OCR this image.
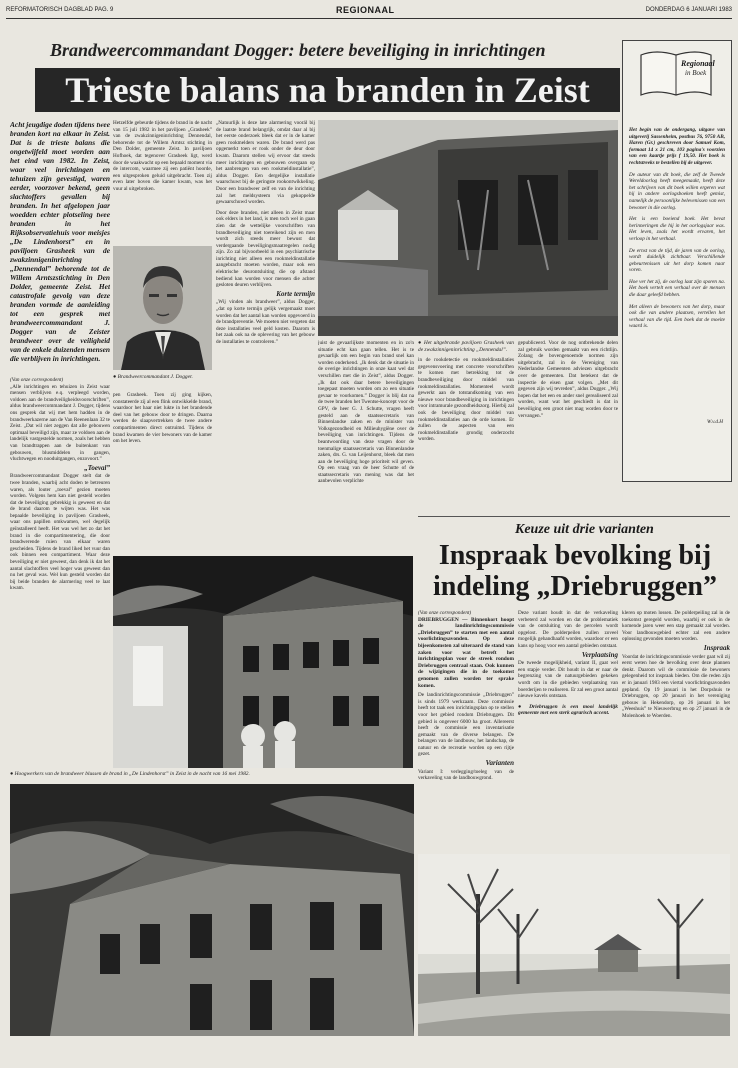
REFORMATORISCH DAGBLAD PAG. 9	REGIONAAL	DONDERDAG 6 JANUARI 1983
Brandweercommandant Dogger: betere beveiliging in inrichtingen
Trieste balans na branden in Zeist
Acht jeugdige doden tijdens twee branden kort na elkaar in Zeist. Dat is de trieste balans die ongetwijfeld moet worden aan het eind van 1982. In Zeist, waar veel inrichtingen en tehuizen zijn gevestigd, waren eerder, voorzover bekend, geen slachtoffers gevallen bij branden. In het afgelopen jaar woedden echter plotseling twee branden in het Rijksobservatiehuis voor meisjes „De Lindenhorst” en in paviljoen Grasheek van de zwakzinnigeninrichting „Dennendal” behorende tot de Willem Arntszstichting in Den Dolder, gemeente Zeist. Het catastrofale gevolg van deze branden vormde de aanleiding tot een gesprek met brandweercommandant J. Dogger van de Zeister brandweer over de veiligheid van de enkele duizenden mensen die verblijven in inrichtingen.
(Van onze correspondent)
„Alle inrichtingen en tehuizen in Zeist waar mensen verblijven e.q. verpleegd worden, voldoen aan de brandveiligheidsvoorschriften”, aldus brandweercommandant J. Dogger, tijdens ons gesprek dat wij met hem hadden in de brandweerkazerne aan de Van Reenenlaan 32 te Zeist. „Dat wil niet zeggen dat alle gebouwen optimaal beveiligd zijn, maar ze voldoen aan de landelijk vastgestelde normen, zoals het hebben van brandtrappen aan de buitenkant van gebouwen, blusmiddelen in gangen, vluchtwegen en nooduitgangen, enzovoort.”
„Toeval”
Brandweercommandant Dogger stelt dat de twee branden, waarbij acht doden te betreuren waren, als louter „toeval” gezien moeten worden. Volgens hem kan niet gesteld worden dat de beveiliging gebrekkig is geweest en dat de brand daarom te wijten was. Het was bepaalde beveiliging in paviljoen Grasheek, waar ons papillen omkwamen, wel degelijk geïnstalleerd heeft. Het was wel het zo dat het brand in die compartimentering, die door brandwerende ruien van elkaar waren gescheiden. Tijdens de brand liked het vuur dan ook binnen een compartiment. Waar deze beveiliging er niet geweest, dan denk ik dat het aantal slachtoffers veel hoger was geweest dan nu het geval was. Wel kun gesteld worden dat bij beide branden de alarmering veel te laat kwam.
Hetzelfde gebeurde tijdens de brand in de nacht van 15 juli 1982 in het paviljoen „Grasheek” van de zwakzinnigeninrichting Dennendal, behorende tot de Willem Arntsz stichting in Den Dolder, gemeente Zeist. In paviljoen Hofhoek, dat tegenover Grasheek ligt, werd door de waakwacht op een bepaald moment via de intercom, waarmee zij een patiënt hoorde, een uitgesproken geluid uitgebracht. Toen zij even later boven die kamer kwam, was het vuur al uitgebroken.
● Brandweercommandant J. Dogger.
pen Grasheek. Toen zij ging kijken, constateerde zij al een flink ontwikkelde brand, waardoor het haar niet lukte in het brandende deel van het gebouw door te dringen. Daarna werden de slaapvertrekken de twee andere compartimenten direct ontruimd. Tijdens de brand kwamen de vier bewoners van de kamer om het leven.
„Natuurlijk is deze late alarmering voorál bij de laatste brand belangrijk, omdat daar al bij het eerste onderzoek bleek dat er in de kamer geen rookmelders waren. De brand werd pas opgemerkt toen er rook onder de deur door kwam. Daarom stellen wij ervoor dat steeds meer inrichtingen en gebouwen overgaan op het aanbrengen van een rookmeldinstallatie”, aldus Dogger. Een dergelijke installatie waarschuwt bij de geringste rookontwikkeling. Door een brandweer zelf en van de inrichting zal het meldsysteem via gekoppelde gewaarschuwd worden.
Door deze branden, niet alleen in Zeist maar ook elders in het land, is men toch wel in gaan zien dat de wettelijke voorschriften van brandbeveiliging niet toereikend zijn en men wordt zich steeds meer bewust dat verdergaande beveiligingsmaatregelen nodig zijn. Zo zal bijvoorbeeld in een psychiatrische inrichting niet alleen een rookmeldinstallatie aangebracht moeten worden, maar ook een elektrische deurontsluiting die op afstand bediend kan worden voor mensen die achter gesloten deuren verblijven.
Korte termijn
„Wij vinden als brandweer”, aldus Dogger, „dat op korte termijn gelijk vergemaakt moet worden dat het aantal kan worden opgevoerd in de brandpreventie. We moeten niet vergeten dat deze installaties veel geld kosten. Daarom is het zaak ook na de oplevering van het gebouw de installaties te controleren.”	juist de gevaarlijkste momenten en in zo'n situatie echt kan gaan tellen. Het is te gevaarlijk om een begin van brand snel kan worden onderkend. „Ik denk dat de situatie in de overige inrichtingen in onze kaat wel dat verschillen met die in Zeist”, aldus Dogger. „Ik dat ook daar betere beveiligingen toegepast moeten worden om zo een situatie gevaar te voorkomen.” Dogger is blij dat na de twee branden het Twentse-koncept voor de GPV, de heer G. J. Schutte, vragen heeft gesteld aan de staatssecretaris van Binnenlandse zaken en de minister van Volksgezondheid en Milieuhygiëne over de beveiliging van inrichtingen. Tijdens de beantwoording van deze vragen door de toenmalige staatssecretaris van Binnenlandse zaken, drs. G. van Leijenhorst, bleek dat men aan de beveiliging hoge prioriteit wil geven. Op een vraag van de heer Schutte of de staatssecretaris van mening was dat het aanbevolen verplichte
● Het uitgebrande paviljoen Grasheek van de zwakzinnigeninrichting „Dennendal”.
in de rookdetectie en rookmeldinstallaties gegevensvoering met concrete voorschriften te komen met betrekking tot de brandbeveiliging door middel van rookmeldinstallaties. Momenteel wordt gewerkt aan de totstandkoming van een nieuwe voor brandbeveiliging in inrichtingen voor intramurale gezondheidszorg. Hierbij zal ook de beveiliging door middel van rookmeldinstallaties aan de orde komen. Er zullen de aspecten van een rookmeldinstallatie grondig onderzocht worden.
gepubliceerd. Voor de nog ontbrekende delen zal gebruik worden gemaakt van een richtlijn. Zolang de bovengenoemde normen zijn uitgebracht, zal in de Vereniging van Nederlandse Gemeenten adviezen uitgebracht over de gemeenten. Dat betekent dat de inspectie de eisen gaat volgen. „Met dit gegeven zijn wij tevreden”, aldus Dogger. „Wij hopen dat het een en ander snel gerealiseerd zal worden, want wat het geschiedt is dat in beveiliging een groot niet mag worden door te vervangen.”
Regionaal
in Boek

Het begin van de ondergang, uitgave van uitgeverij Sassenheim, postbus 76, 9750 AB, Haren (Gr.) geschreven door Samuel Kom, formaat 14 x 21 cm, 103 pagina's voorzien van een kaartje prijs f 19,50. Het boek is rechtstreeks te bestellen bij de uitgever.

De auteur van dit boek, die zelf de Tweede Wereldoorlog heeft meegemaakt, heeft deze het schrijven van dit boek willen ergeren wat hij in andere oorlogsboeken heeft gemist, namelijk de persoonlijke belevenissen van een bewoner in die oorlog.

Het is een boeiend boek. Het bevat herinneringen die hij in het oorlogsjaar was. Het leven, zoals het wordt ervaren, het verloop in het verhaal.

De ernst van de tijd, de jaren van de oorlog, wordt duidelijk zichtbaar. Verschillende gebeurtenissen uit het dorp komen naar voren.

Hoe ver het zij, de oorlog laat zijn sporen na. Het boek vertelt een verhaal over de mensen die daar geleefd hebben.

Met alleen de bewoners van het dorp, maar ook die van andere plaatsen, vertellen het verhaal van die tijd. Een boek dat de moeite waard is.

W.v.d.H
● Hoogwerkers van de brandweer blussen de brand in „De Lindenhorst” in Zeist in de nacht van 16 mei 1982.
Keuze uit drie varianten
Inspraak bevolking bij indeling „Driebruggen”
(Van onze correspondent)
DRIEBRUGGEN — Binnenkort hoopt de landinrichtingscommissie „Driebruggen” te starten met een aantal voorlichtingsavonden. Op deze bijeenkomsten zal uiteraard de stand van zaken voor wat betreft het inrichtingsplan voor de streek rondom Driebruggen centraal staan. Ook kunnen de wijzigingen die in de toekomst genomen zullen worden ter sprake komen.
De landinrichtingscommissie „Driebruggen” is sinds 1979 werkzaam. Deze commissie heeft tot taak een inrichtingsplan op te stellen voor het gebied rondom Driebruggen. Dit gebied is ongeveer 6000 ha groot. Allereerst heeft de commissie een inventarisatie gemaakt van de diverse belangen. De belangen van de landbouw, het landschap, de natuur en de recreatie worden op een rijtje gezet.
Varianten
Variant I: verlegging/toeleg van de verkaveling van de landbouwgrond.
Deze variant houdt in dat de verkaveling verbeterd zal worden en dat de problematiek van de ontsluiting van de percelen wordt opgelost. De polderpeilen zullen zoveel mogelijk gehandhaafd worden, waardoor er een kans op hoog voor een aantal gebieden ontstaat.
Verplaatsing
De tweede mogelijkheid, variant II, gaat wel een stapje verder. Dit houdt in dat er naar de begrenzing van de natuurgebieden gekeken wordt om in die gebieden verplaatsing van boerderijen te realiseren. Er zal een groot aantal nieuwe kavels ontstaan.
● Driebruggen is een mooi landelijk gemeente met een sterk agrarisch accent.
kleren op moten lossen. De polderpeiling zal in de toekomst geregeld worden, waarbij er ook in de komende jaren weer een stap gemaakt zal worden. Voor landbouwgebied echter zal een andere oplossing gevonden moeten worden.
Inspraak
Voordat de inrichtingscommissie verder gaat wil zij eerst weten hoe de bevolking over deze plannen denkt. Daarom wil de commissie de bewoners gelegenheid tot inspraak bieden. Om die reden zijn er in januari 1983 een viertal voorlichtingsavonden gepland. Op 19 januari in het Dorpshuis te Driebruggen, op 20 januari in het vereniging gebouw in Hekendorp, op 26 januari in het „Weeshuis” te Nieuwerbrug en op 27 januari in de Molenhoek te Woerden.
